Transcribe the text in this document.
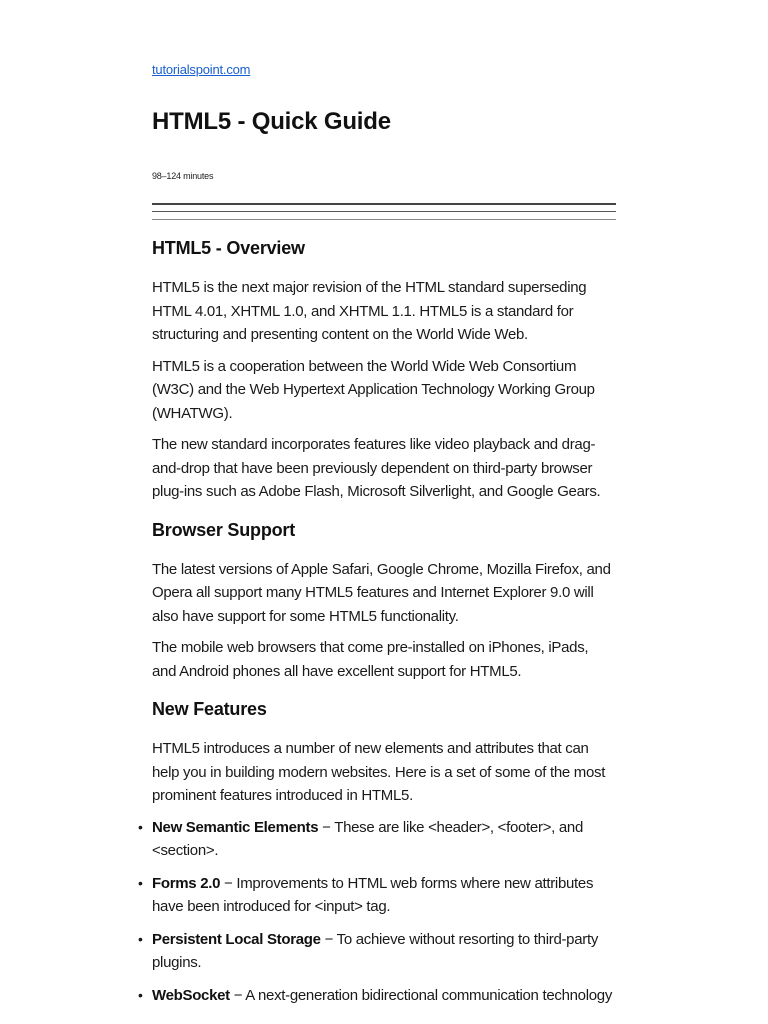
tutorialspoint.com
HTML5 - Quick Guide
98–124 minutes
HTML5 - Overview

HTML5 is the next major revision of the HTML standard superseding HTML 4.01, XHTML 1.0, and XHTML 1.1. HTML5 is a standard for structuring and presenting content on the World Wide Web.

HTML5 is a cooperation between the World Wide Web Consortium (W3C) and the Web Hypertext Application Technology Working Group (WHATWG).

The new standard incorporates features like video playback and drag-and-drop that have been previously dependent on third-party browser plug-ins such as Adobe Flash, Microsoft Silverlight, and Google Gears.

Browser Support

The latest versions of Apple Safari, Google Chrome, Mozilla Firefox, and Opera all support many HTML5 features and Internet Explorer 9.0 will also have support for some HTML5 functionality.

The mobile web browsers that come pre-installed on iPhones, iPads, and Android phones all have excellent support for HTML5.

New Features

HTML5 introduces a number of new elements and attributes that can help you in building modern websites. Here is a set of some of the most prominent features introduced in HTML5.

• New Semantic Elements − These are like <header>, <footer>, and <section>.
• Forms 2.0 − Improvements to HTML web forms where new attributes have been introduced for <input> tag.
• Persistent Local Storage − To achieve without resorting to third-party plugins.
• WebSocket − A next-generation bidirectional communication technology
